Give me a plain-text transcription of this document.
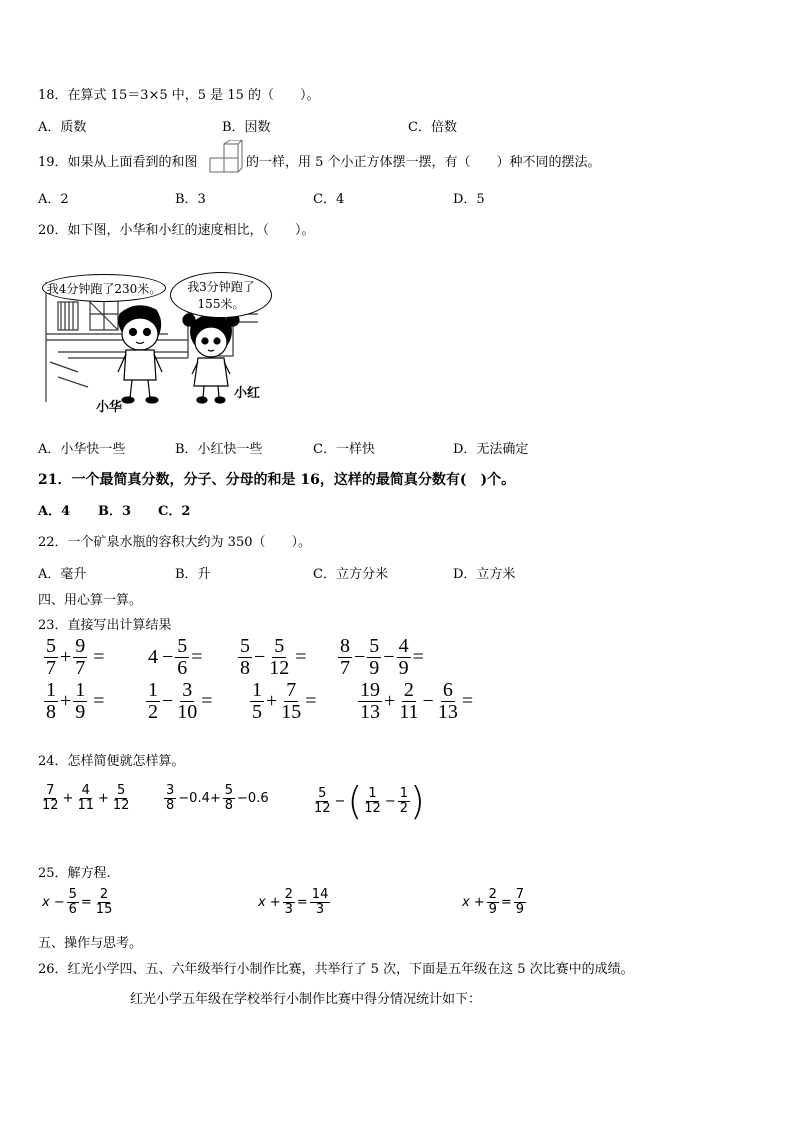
18．在算式 15＝3×5 中，5 是 15 的（　　）。
A．质数	B．因数	C．倍数
19．如果从上面看到的和图	的一样，用 5 个小正方体摆一摆，有（　　）种不同的摆法。
A．2	B．3	C．4	D．5
20．如下图，小华和小红的速度相比，（　　）。
我4分钟跑了230米。 我3分钟跑了
155米。
小华
小红
A．小华快一些	B．小红快一些	C．一样快	D．无法确定
21．一个最简真分数，分子、分母的和是 16，这样的最简真分数有(　)个。
A．4 B．3 C．2
22．一个矿泉水瓶的容积大约为 350（　　）。
A．毫升	B．升	C．立方分米	D．立方米
四、用心算一算。
23．直接写出计算结果
$\frac{5}{7} + \frac{9}{7} = 4 - \frac{5}{6} = \frac{5}{8} - \frac{5}{12} = \frac{8}{7} - \frac{5}{9} - \frac{4}{9}$ =
$\frac{1}{8} + \frac{1}{9} = \frac{1}{2} - \frac{3}{10} = \frac{1}{5} + \frac{7}{15} = \frac{19}{13} + \frac{2}{11} - \frac{6}{13}$ =
24．怎样简便就怎样算。
$\frac{7}{12} + \frac{4}{11} + \frac{5}{12}$	$\frac{3}{8} -0.4+ \frac{5}{8} -0.6$	$\frac{5}{12}$ − ( $\frac{1}{12} - \frac{1}{2}$ )
25．解方程.
$x - \frac{5}{6} = \frac{2}{15}$	$x + \frac{2}{3} = \frac{14}{3}$	$x + \frac{2}{9} = \frac{7}{9}$
五、操作与思考。
26．红光小学四、五、六年级举行小制作比赛，共举行了 5 次，下面是五年级在这 5 次比赛中的成绩。
红光小学五年级在学校举行小制作比赛中得分情况统计如下：
